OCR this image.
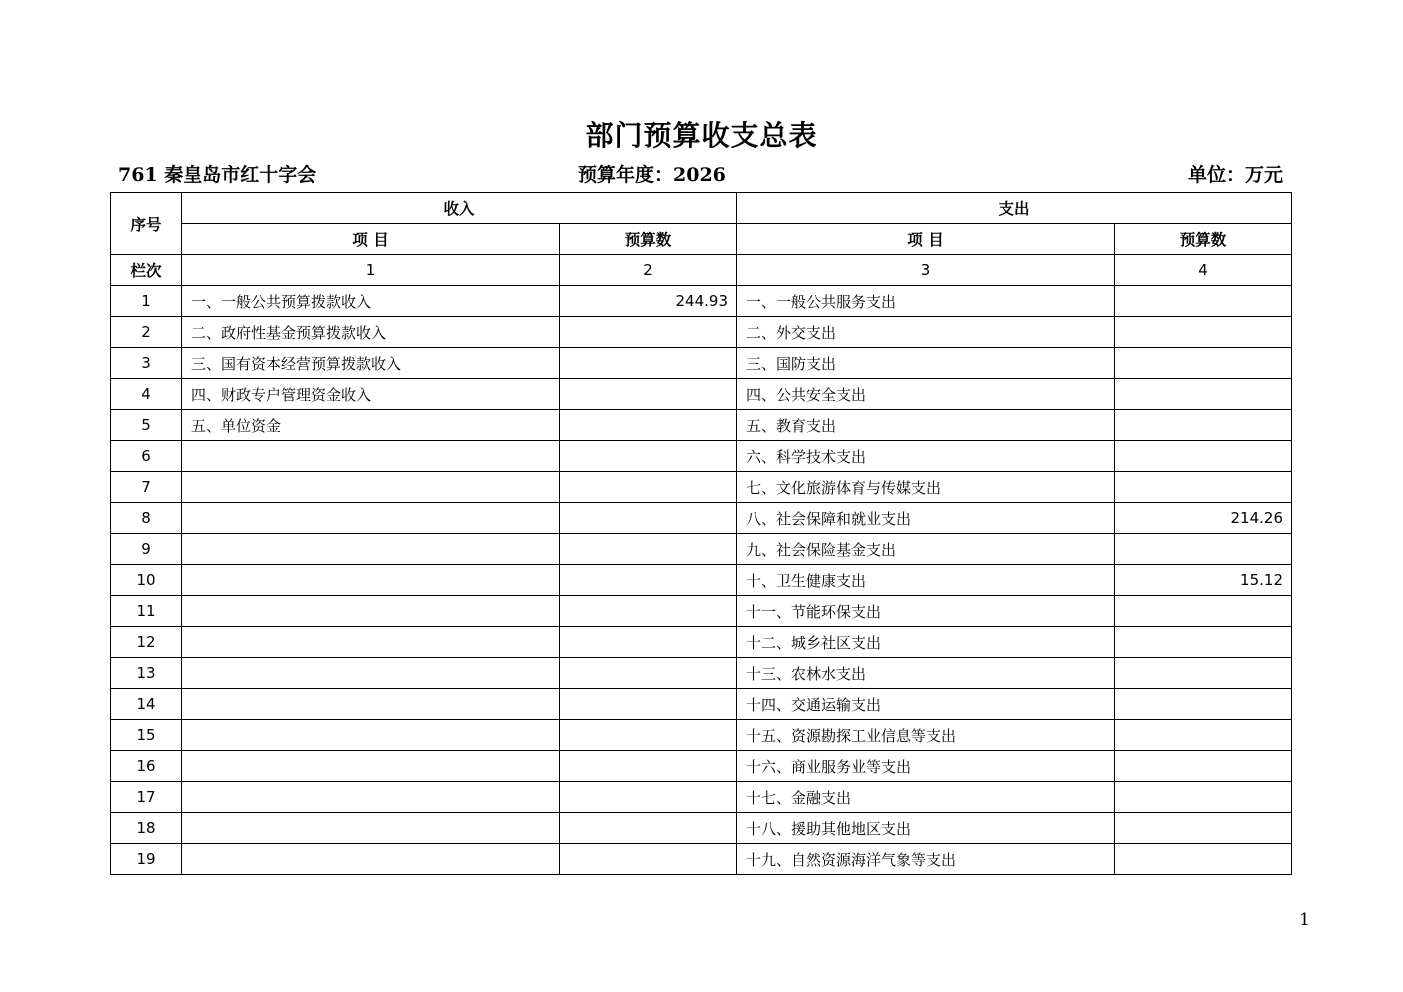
部门预算收支总表
761 秦皇岛市红十字会	预算年度：2026	单位：万元
序号	收入		支出	
	项 目	预算数	项 目	预算数
栏次	1	2	3	4
1	一、一般公共预算拨款收入	244.93	一、一般公共服务支出	
2	二、政府性基金预算拨款收入		二、外交支出	
3	三、国有资本经营预算拨款收入		三、国防支出	
4	四、财政专户管理资金收入		四、公共安全支出	
5	五、单位资金		五、教育支出	
6			六、科学技术支出	
7			七、文化旅游体育与传媒支出	
8			八、社会保障和就业支出	214.26
9			九、社会保险基金支出	
10			十、卫生健康支出	15.12
11			十一、节能环保支出	
12			十二、城乡社区支出	
13			十三、农林水支出	
14			十四、交通运输支出	
15			十五、资源勘探工业信息等支出	
16			十六、商业服务业等支出	
17			十七、金融支出	
18			十八、援助其他地区支出	
19			十九、自然资源海洋气象等支出	
1
